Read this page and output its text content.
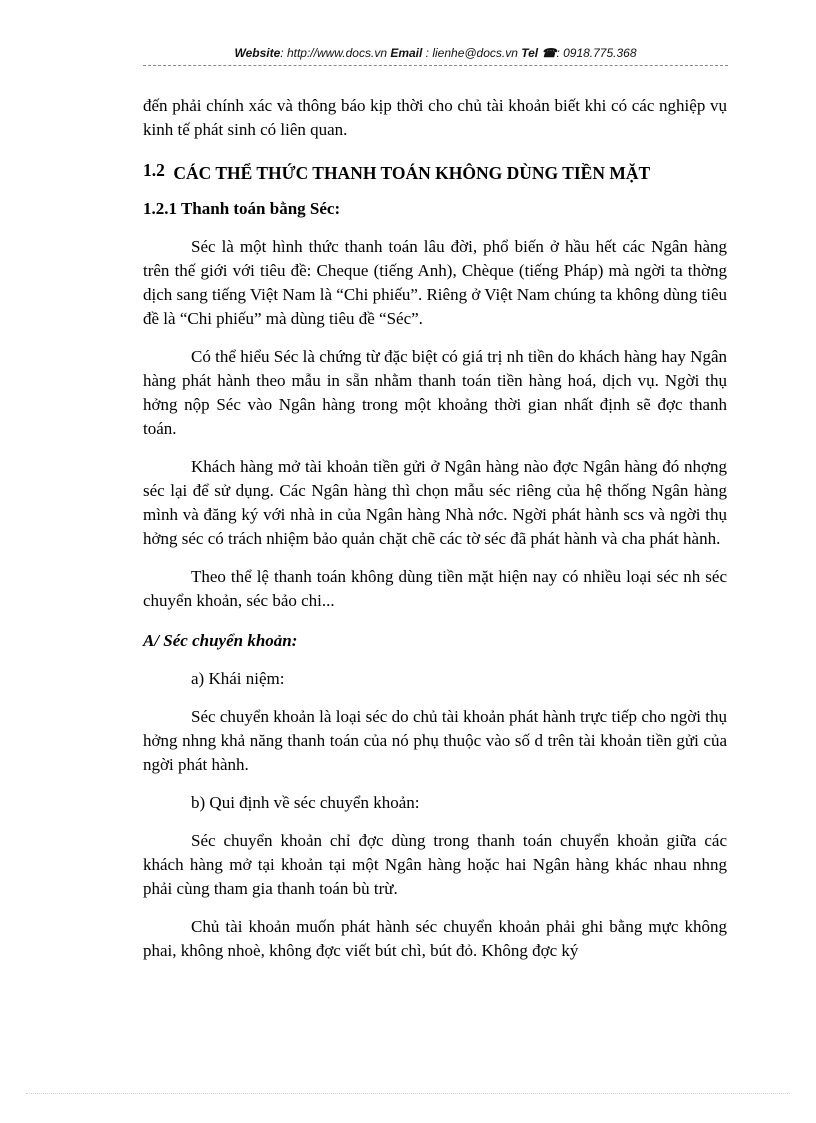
Website: http://www.docs.vn Email : lienhe@docs.vn Tel ☎: 0918.775.368

đến phải chính xác và thông báo kịp thời cho chủ tài khoản biết khi có các nghiệp vụ kinh tế phát sinh có liên quan.

1.2 CÁC THỂ THỨC THANH TOÁN KHÔNG DÙNG TIỀN MẶT

1.2.1 Thanh toán bằng Séc:

Séc là một hình thức thanh toán lâu đời, phổ biến ở hầu hết các Ngân hàng trên thế giới với tiêu đề: Cheque (tiếng Anh), Chèque (tiếng Pháp) mà ngời ta thờng dịch sang tiếng Việt Nam là “Chi phiếu”. Riêng ở Việt Nam chúng ta không dùng tiêu đề là “Chi phiếu” mà dùng tiêu đề “Séc”.

Có thể hiểu Séc là chứng từ đặc biệt có giá trị nh tiền do khách hàng hay Ngân hàng phát hành theo mẫu in sẵn nhằm thanh toán tiền hàng hoá, dịch vụ. Ngời thụ hởng nộp Séc vào Ngân hàng trong một khoảng thời gian nhất định sẽ đợc thanh toán.

Khách hàng mở tài khoản tiền gửi ở Ngân hàng nào đợc Ngân hàng đó nhợng séc lại để sử dụng. Các Ngân hàng thì chọn mẫu séc riêng của hệ thống Ngân hàng mình và đăng ký với nhà in của Ngân hàng Nhà nớc. Ngời phát hành scs và ngời thụ hởng séc có trách nhiệm bảo quản chặt chẽ các tờ séc đã phát hành và cha phát hành.

Theo thể lệ thanh toán không dùng tiền mặt hiện nay có nhiều loại séc nh séc chuyển khoản, séc bảo chi...

A/ Séc chuyển khoản:

a) Khái niệm:

Séc chuyển khoản là loại séc do chủ tài khoản phát hành trực tiếp cho ngời thụ hởng nhng khả năng thanh toán của nó phụ thuộc vào số d trên tài khoản tiền gửi của ngời phát hành.

b) Qui định về séc chuyển khoản:

Séc chuyển khoản chỉ đợc dùng trong thanh toán chuyển khoản giữa các khách hàng mở tại khoản tại một Ngân hàng hoặc hai Ngân hàng khác nhau nhng phải cùng tham gia thanh toán bù trừ.

Chủ tài khoản muốn phát hành séc chuyển khoản phải ghi bằng mực không phai, không nhoè, không đợc viết bút chì, bút đỏ. Không đợc ký
